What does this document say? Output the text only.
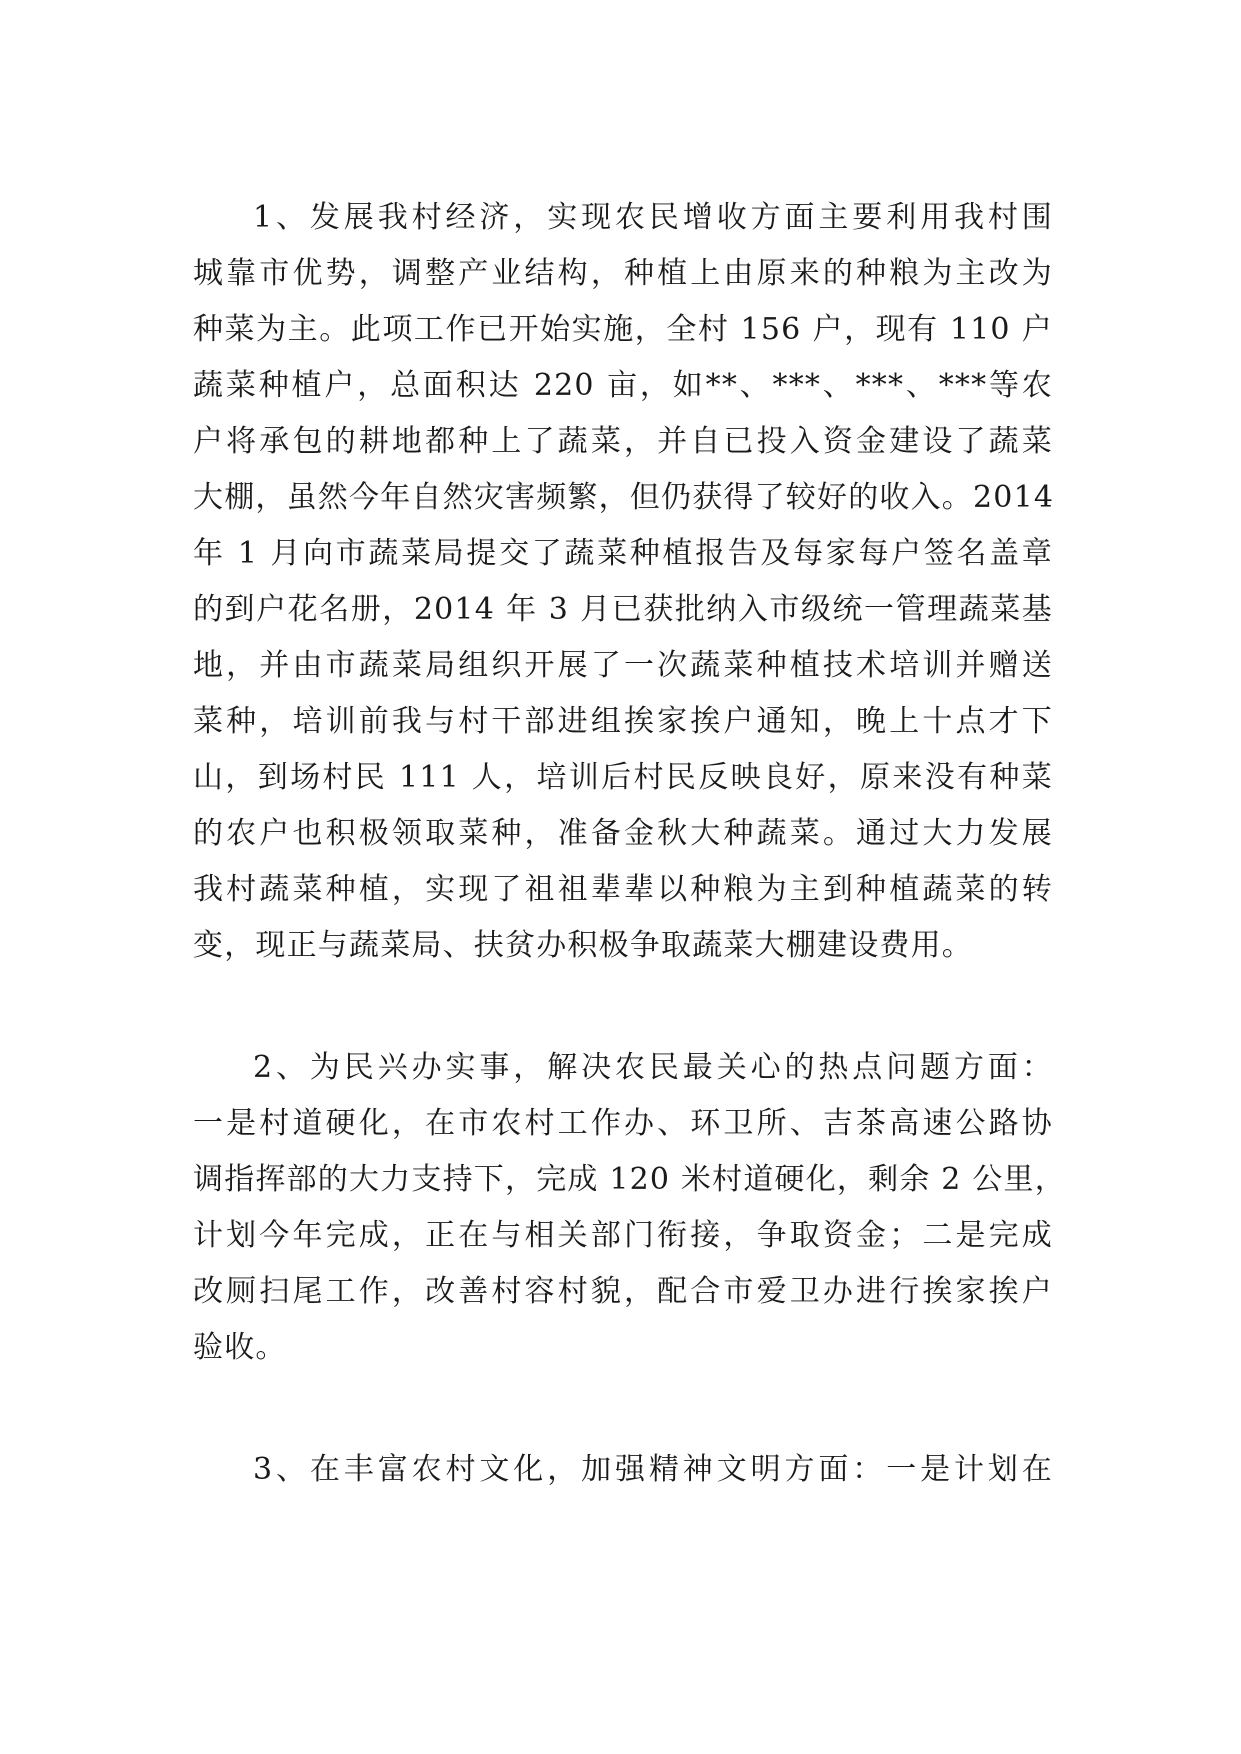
1、发展我村经济，实现农民增收方面主要利用我村围

城靠市优势，调整产业结构，种植上由原来的种粮为主改为

种菜为主。此项工作已开始实施，全村 156 户，现有 110 户

蔬菜种植户，总面积达 220 亩，如**、***、***、***等农

户将承包的耕地都种上了蔬菜，并自已投入资金建设了蔬菜

大棚，虽然今年自然灾害频繁，但仍获得了较好的收入。2014

年 1 月向市蔬菜局提交了蔬菜种植报告及每家每户签名盖章

的到户花名册，2014 年 3 月已获批纳入市级统一管理蔬菜基

地，并由市蔬菜局组织开展了一次蔬菜种植技术培训并赠送

菜种，培训前我与村干部进组挨家挨户通知，晚上十点才下

山，到场村民 111 人，培训后村民反映良好，原来没有种菜

的农户也积极领取菜种，准备金秋大种蔬菜。通过大力发展

我村蔬菜种植，实现了祖祖辈辈以种粮为主到种植蔬菜的转

变，现正与蔬菜局、扶贫办积极争取蔬菜大棚建设费用。

2、为民兴办实事，解决农民最关心的热点问题方面：

一是村道硬化，在市农村工作办、环卫所、吉茶高速公路协

调指挥部的大力支持下，完成 120 米村道硬化，剩余 2 公里，

计划今年完成，正在与相关部门衔接，争取资金；二是完成

改厕扫尾工作，改善村容村貌，配合市爱卫办进行挨家挨户

验收。

3、在丰富农村文化，加强精神文明方面：一是计划在
